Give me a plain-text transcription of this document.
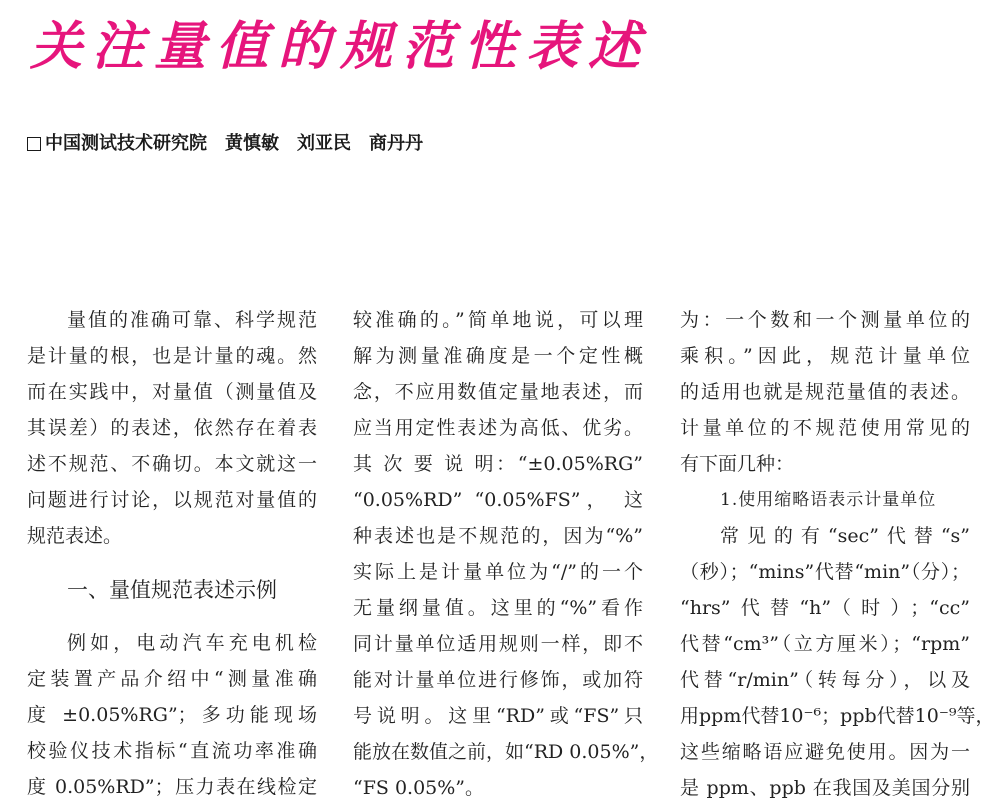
关注量值的规范性表述
中国测试技术研究院 黄慎敏 刘亚民 商丹丹
量值的准确可靠、科学规范
是计量的根，也是计量的魂。然
而在实践中，对量值（测量值及
其误差）的表述，依然存在着表
述不规范、不确切。本文就这一
问题进行讨论，以规范对量值的
规范表述。
一、量值规范表述示例
例如，电动汽车充电机检
定装置产品介绍中“测量准确
度 ±0.05%RG”；多功能现场
校验仪技术指标“直流功率准确
度 0.05%RD”；压力表在线检定
较准确的。”简单地说，可以理
解为测量准确度是一个定性概
念，不应用数值定量地表述，而
应当用定性表述为高低、优劣。
其 次 要 说 明：“±0.05%RG”
“0.05%RD” “0.05%FS”， 这
种表述也是不规范的，因为“%”
实际上是计量单位为“/”的一个
无量纲量值。这里的“%”看作
同计量单位适用规则一样，即不
能对计量单位进行修饰，或加符
号说明。这里“RD”或“FS”只
能放在数值之前，如“RD 0.05%”，
“FS 0.05%”。
为：一个数和一个测量单位的
乘积。”因此，规范计量单位
的适用也就是规范量值的表述。
计量单位的不规范使用常见的
有下面几种：
1.使用缩略语表示计量单位
常见的有“sec”代替“s”
（秒）；“mins”代替“min”（分）；
“hrs”代替“h”（时）；“cc”
代替“cm³”（立方厘米）；“rpm”
代替“r/min”（转每分），以及
用ppm代替10⁻⁶；ppb代替10⁻⁹等，
这些缩略语应避免使用。因为一
是 ppm、ppb 在我国及美国分别
